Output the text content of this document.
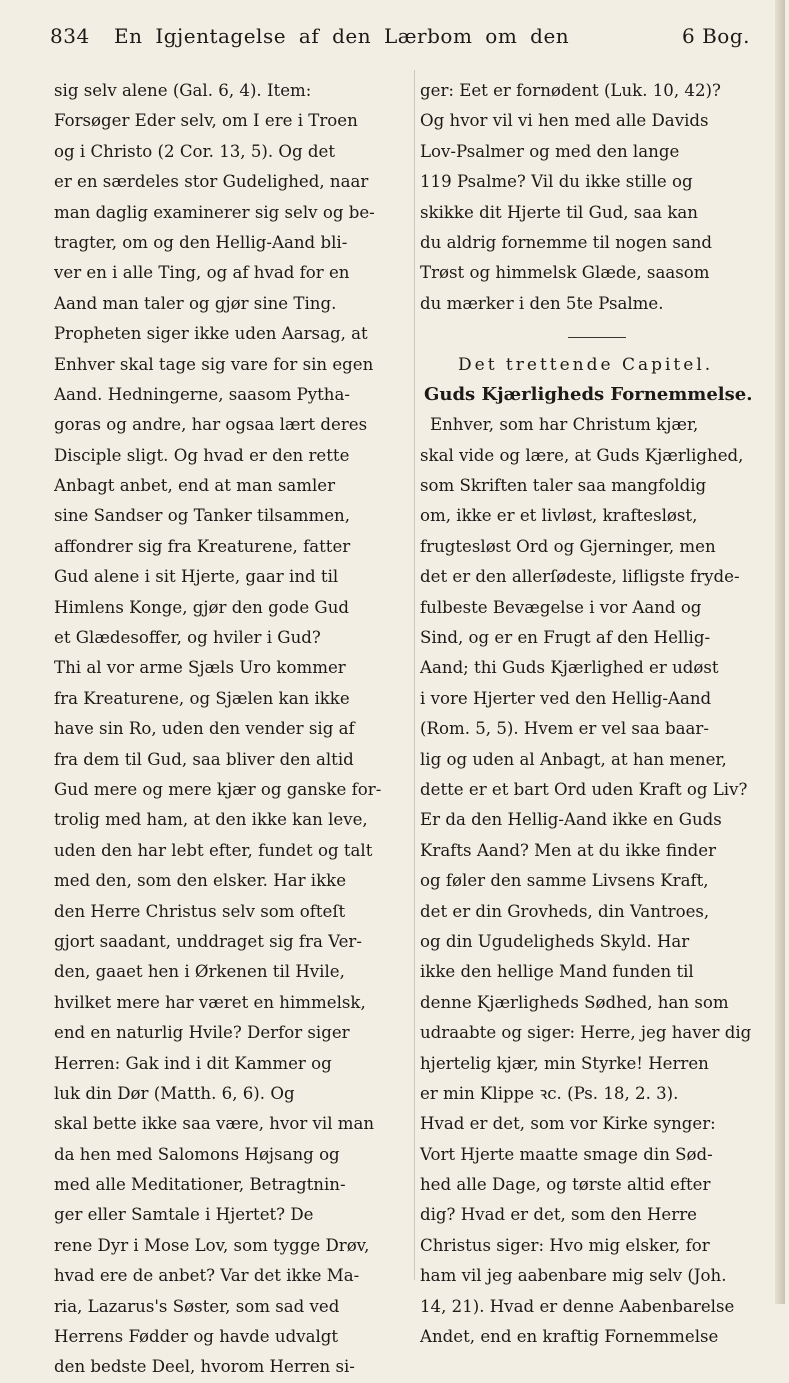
834 En Igjentagelse af den Lærbom om den	6 Bog.
sig selv alene (Gal. 6, 4). Item:
Forsøger Eder selv, om I ere i Troen
og i Christo (2 Cor. 13, 5). Og det
er en særdeles stor Gudelighed, naar
man daglig examinerer sig selv og be-
tragter, om og den Hellig-Aand bli-
ver en i alle Ting, og af hvad for en
Aand man taler og gjør sine Ting.
Propheten siger ikke uden Aarsag, at
Enhver skal tage sig vare for sin egen
Aand. Hedningerne, saasom Pytha-
goras og andre, har ogsaa lært deres
Disciple sligt. Og hvad er den rette
Anbagt anbet, end at man samler
sine Sandser og Tanker tilsammen,
affondrer sig fra Kreaturene, fatter
Gud alene i sit Hjerte, gaar ind til
Himlens Konge, gjør den gode Gud
et Glædesoffer, og hviler i Gud?
Thi al vor arme Sjæls Uro kommer
fra Kreaturene, og Sjælen kan ikke
have sin Ro, uden den vender sig af
fra dem til Gud, saa bliver den altid
Gud mere og mere kjær og ganske for-
trolig med ham, at den ikke kan leve,
uden den har lebt efter, fundet og talt
med den, som den elsker. Har ikke
den Herre Christus selv som ofteſt
gjort saadant, unddraget sig fra Ver-
den, gaaet hen i Ørkenen til Hvile,
hvilket mere har været en himmelsk,
end en naturlig Hvile? Derfor siger
Herren: Gak ind i dit Kammer og
luk din Dør (Matth. 6, 6). Og
skal bette ikke saa være, hvor vil man
da hen med Salomons Højsang og
med alle Meditationer, Betragtnin-
ger eller Samtale i Hjertet? De
rene Dyr i Mose Lov, som tygge Drøv,
hvad ere de anbet? Var det ikke Ma-
ria, Lazarus's Søster, som sad ved
Herrens Fødder og havde udvalgt
den bedste Deel, hvorom Herren si-
ger: Eet er fornødent (Luk. 10, 42)?
Og hvor vil vi hen med alle Davids
Lov-Psalmer og med den lange
119 Psalme? Vil du ikke stille og
skikke dit Hjerte til Gud, saa kan
du aldrig fornemme til nogen sand
Trøst og himmelsk Glæde, saasom
du mærker i den 5te Psalme.
Det trettende Capitel.
Guds Kjærligheds Fornemmelse.
Enhver, som har Christum kjær,
skal vide og lære, at Guds Kjærlighed,
som Skriften taler saa mangfoldig
om, ikke er et livløst, kraftesløst,
frugtesløst Ord og Gjerninger, men
det er den allerſødeste, lifligste frydе-
fulbeste Bevægelse i vor Aand og
Sind, og er en Frugt af den Hellig-
Aand; thi Guds Kjærlighed er udøst
i vore Hjerter ved den Hellig-Aand
(Rom. 5, 5). Hvem er vel saa baar-
lig og uden al Anbagt, at han mener,
dette er et bart Ord uden Kraft og Liv?
Er da den Hellig-Aand ikke en Guds
Krafts Aand? Men at du ikke finder
og føler den samme Livsens Kraft,
det er din Grovheds, din Vantroes,
og din Ugudeligheds Skyld. Har
ikke den hellige Mand funden til
denne Kjærligheds Sødhed, han som
udraabte og siger: Herre, jeg haver dig
hjertelig kjær, min Styrke! Herren
er min Klippe ꝛc. (Ps. 18, 2. 3).
Hvad er det, som vor Kirke synger:
Vort Hjerte maatte smage din Sød-
hed alle Dage, og tørste altid efter
dig? Hvad er det, som den Herre
Christus siger: Hvo mig elsker, for
ham vil jeg aabenbare mig selv (Joh.
14, 21). Hvad er denne Aabenbarelse
Andet, end en kraftig Fornemmelse
